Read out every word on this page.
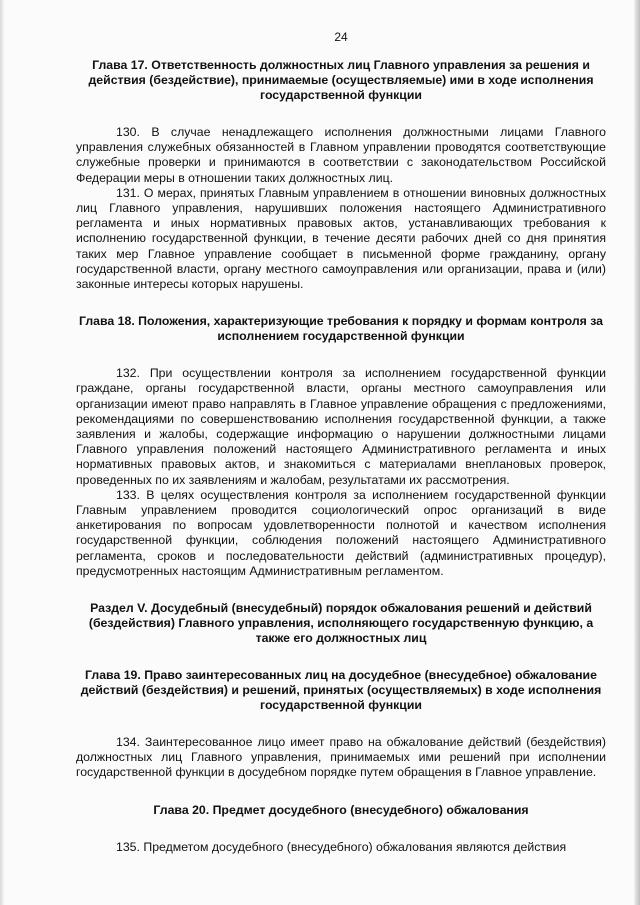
24
Глава 17. Ответственность должностных лиц Главного управления за решения и действия (бездействие), принимаемые (осуществляемые) ими в ходе исполнения государственной функции

130. В случае ненадлежащего исполнения должностными лицами Главного управления служебных обязанностей в Главном управлении проводятся соответствующие служебные проверки и принимаются в соответствии с законодательством Российской Федерации меры в отношении таких должностных лиц.

131. О мерах, принятых Главным управлением в отношении виновных должностных лиц Главного управления, нарушивших положения настоящего Административного регламента и иных нормативных правовых актов, устанавливающих требования к исполнению государственной функции, в течение десяти рабочих дней со дня принятия таких мер Главное управление сообщает в письменной форме гражданину, органу государственной власти, органу местного самоуправления или организации, права и (или) законные интересы которых нарушены.

Глава 18. Положения, характеризующие требования к порядку и формам контроля за исполнением государственной функции

132. При осуществлении контроля за исполнением государственной функции граждане, органы государственной власти, органы местного самоуправления или организации имеют право направлять в Главное управление обращения с предложениями, рекомендациями по совершенствованию исполнения государственной функции, а также заявления и жалобы, содержащие информацию о нарушении должностными лицами Главного управления положений настоящего Административного регламента и иных нормативных правовых актов, и знакомиться с материалами внеплановых проверок, проведенных по их заявлениям и жалобам, результатами их рассмотрения.

133. В целях осуществления контроля за исполнением государственной функции Главным управлением проводится социологический опрос организаций в виде анкетирования по вопросам удовлетворенности полнотой и качеством исполнения государственной функции, соблюдения положений настоящего Административного регламента, сроков и последовательности действий (административных процедур), предусмотренных настоящим Административным регламентом.

Раздел V. Досудебный (внесудебный) порядок обжалования решений и действий (бездействия) Главного управления, исполняющего государственную функцию, а также его должностных лиц
Глава 19. Право заинтересованных лиц на досудебное (внесудебное) обжалование действий (бездействия) и решений, принятых (осуществляемых) в ходе исполнения государственной функции

134. Заинтересованное лицо имеет право на обжалование действий (бездействия) должностных лиц Главного управления, принимаемых ими решений при исполнении государственной функции в досудебном порядке путем обращения в Главное управление.

Глава 20. Предмет досудебного (внесудебного) обжалования

135. Предметом досудебного (внесудебного) обжалования являются действия
